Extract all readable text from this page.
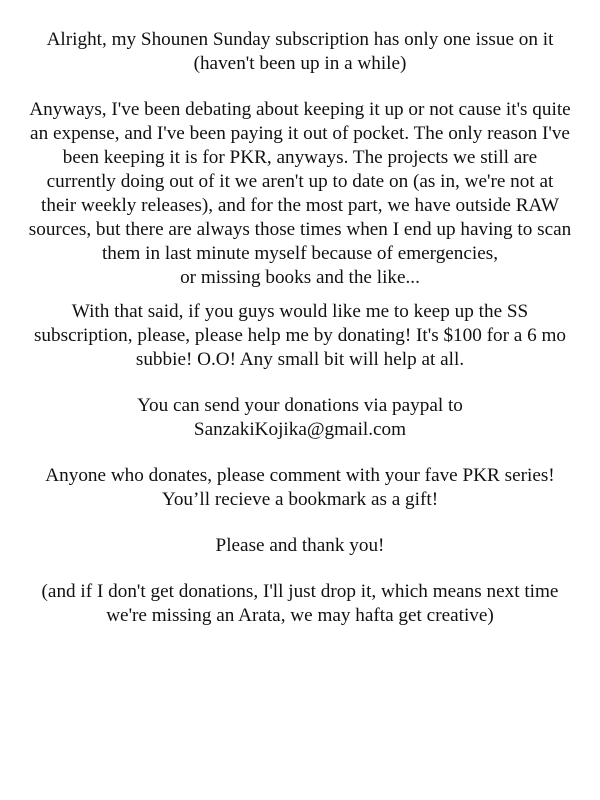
Alright, my Shounen Sunday subscription has only one issue on it
(haven't been up in a while)

Anyways, I've been debating about keeping it up or not cause it's quite
an expense, and I've been paying it out of pocket. The only reason I've
been keeping it is for PKR, anyways. The projects we still are
currently doing out of it we aren't up to date on (as in, we're not at
their weekly releases), and for the most part, we have outside RAW
sources, but there are always those times when I end up having to scan
them in last minute myself because of emergencies,
or missing books and the like...

With that said, if you guys would like me to keep up the SS
subscription, please, please help me by donating! It's $100 for a 6 mo
subbie! O.O! Any small bit will help at all.

You can send your donations via paypal to
SanzakiKojika@gmail.com

Anyone who donates, please comment with your fave PKR series!
You’ll recieve a bookmark as a gift!

Please and thank you!

(and if I don't get donations, I'll just drop it, which means next time
we're missing an Arata, we may hafta get creative)
